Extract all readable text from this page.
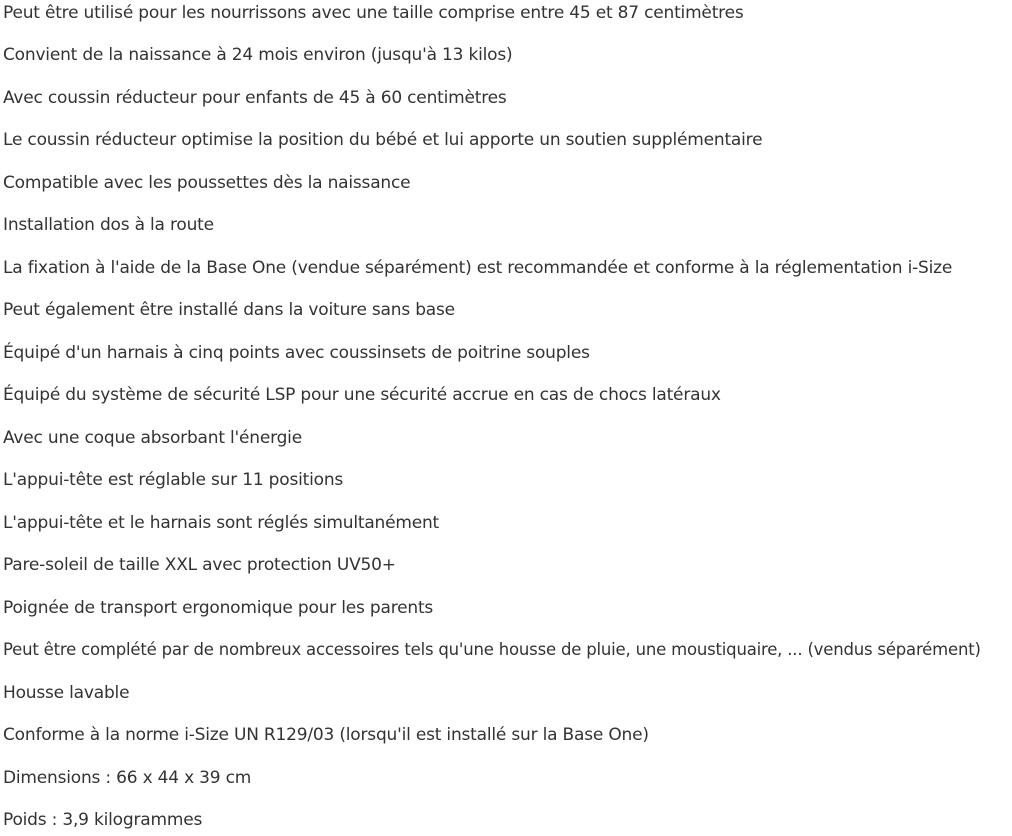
Peut être utilisé pour les nourrissons avec une taille comprise entre 45 et 87 centimètres
Convient de la naissance à 24 mois environ (jusqu'à 13 kilos)
Avec coussin réducteur pour enfants de 45 à 60 centimètres
Le coussin réducteur optimise la position du bébé et lui apporte un soutien supplémentaire
Compatible avec les poussettes dès la naissance
Installation dos à la route
La fixation à l'aide de la Base One (vendue séparément) est recommandée et conforme à la réglementation i-Size
Peut également être installé dans la voiture sans base
Équipé d'un harnais à cinq points avec coussinsets de poitrine souples
Équipé du système de sécurité LSP pour une sécurité accrue en cas de chocs latéraux
Avec une coque absorbant l'énergie
L'appui-tête est réglable sur 11 positions
L'appui-tête et le harnais sont réglés simultanément
Pare-soleil de taille XXL avec protection UV50+
Poignée de transport ergonomique pour les parents
Peut être complété par de nombreux accessoires tels qu'une housse de pluie, une moustiquaire, ... (vendus séparément)
Housse lavable
Conforme à la norme i-Size UN R129/03 (lorsqu'il est installé sur la Base One)
Dimensions : 66 x 44 x 39 cm
Poids : 3,9 kilogrammes
